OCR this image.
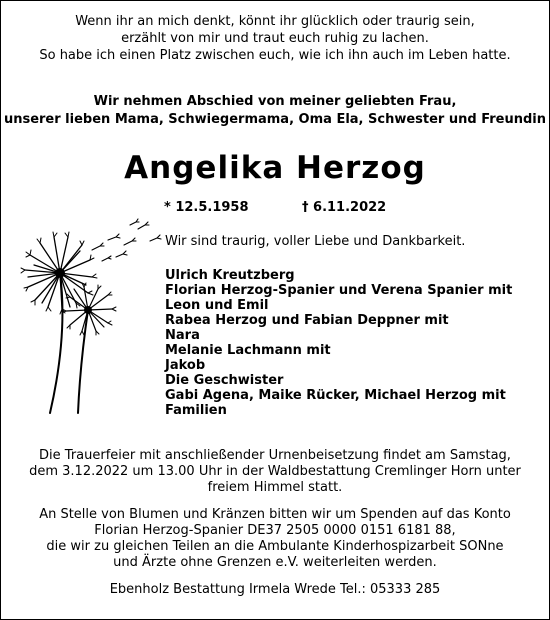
Wenn ihr an mich denkt, könnt ihr glücklich oder traurig sein,
erzählt von mir und traut euch ruhig zu lachen.
So habe ich einen Platz zwischen euch, wie ich ihn auch im Leben hatte.
Wir nehmen Abschied von meiner geliebten Frau,
unserer lieben Mama, Schwiegermama, Oma Ela, Schwester und Freundin
Angelika Herzog
* 12.5.1958	† 6.11.2022
Wir sind traurig, voller Liebe und Dankbarkeit.
Ulrich Kreutzberg
Florian Herzog-Spanier und Verena Spanier mit
Leon und Emil
Rabea Herzog und Fabian Deppner mit
Nara
Melanie Lachmann mit
Jakob
Die Geschwister
Gabi Agena, Maike Rücker, Michael Herzog mit
Familien
Die Trauerfeier mit anschließender Urnenbeisetzung findet am Samstag,
dem 3.12.2022 um 13.00 Uhr in der Waldbestattung Cremlinger Horn unter
freiem Himmel statt.
An Stelle von Blumen und Kränzen bitten wir um Spenden auf das Konto
Florian Herzog-Spanier DE37 2505 0000 0151 6181 88,
die wir zu gleichen Teilen an die Ambulante Kinderhospizarbeit SONne
und Ärzte ohne Grenzen e.V. weiterleiten werden.
Ebenholz Bestattung Irmela Wrede Tel.: 05333 285
